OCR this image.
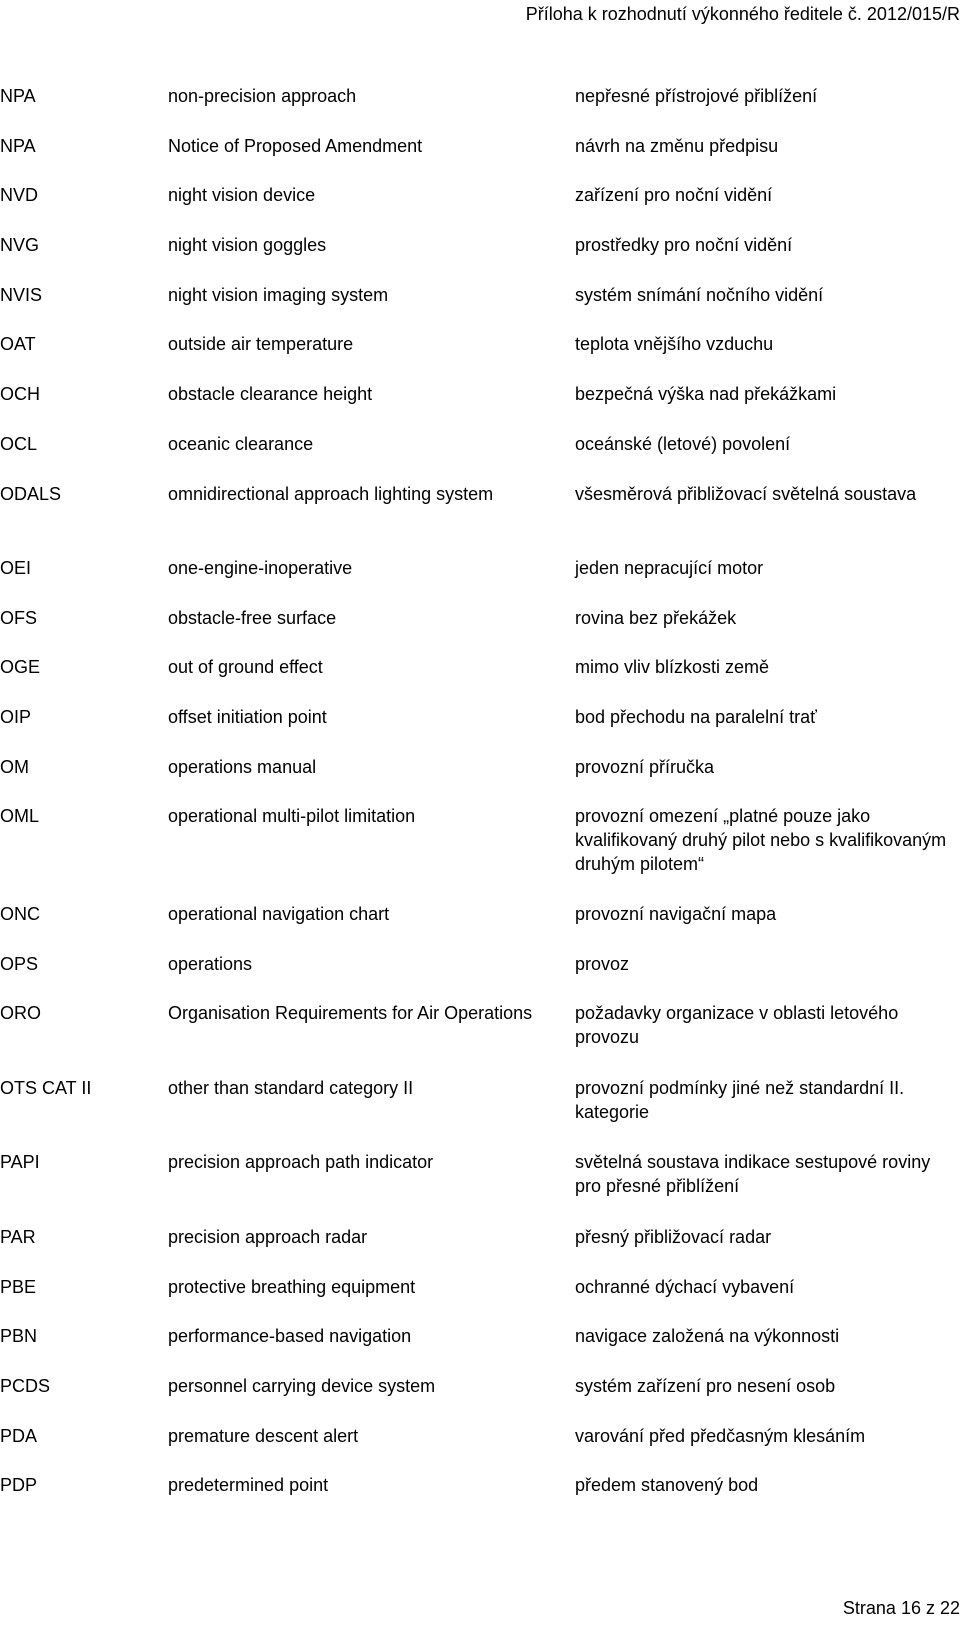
Příloha k rozhodnutí výkonného ředitele č. 2012/015/R
NPA	non-precision approach	nepřesné přístrojové přiblížení
NPA	Notice of Proposed Amendment	návrh na změnu předpisu
NVD	night vision device	zařízení pro noční vidění
NVG	night vision goggles	prostředky pro noční vidění
NVIS	night vision imaging system	systém snímání nočního vidění
OAT	outside air temperature	teplota vnějšího vzduchu
OCH	obstacle clearance height	bezpečná výška nad překážkami
OCL	oceanic clearance	oceánské (letové) povolení
ODALS	omnidirectional approach lighting system	všesměrová přibližovací světelná soustava
OEI	one-engine-inoperative	jeden nepracující motor
OFS	obstacle-free surface	rovina bez překážek
OGE	out of ground effect	mimo vliv blízkosti země
OIP	offset initiation point	bod přechodu na paralelní trať
OM	operations manual	provozní příručka
OML	operational multi-pilot limitation	provozní omezení „platné pouze jako kvalifikovaný druhý pilot nebo s kvalifikovaným druhým pilotem“
ONC	operational navigation chart	provozní navigační mapa
OPS	operations	provoz
ORO	Organisation Requirements for Air Operations	požadavky organizace v oblasti letového provozu
OTS CAT II	other than standard category II	provozní podmínky jiné než standardní II. kategorie
PAPI	precision approach path indicator	světelná soustava indikace sestupové roviny pro přesné přiblížení
PAR	precision approach radar	přesný přibližovací radar
PBE	protective breathing equipment	ochranné dýchací vybavení
PBN	performance-based navigation	navigace založená na výkonnosti
PCDS	personnel carrying device system	systém zařízení pro nesení osob
PDA	premature descent alert	varování před předčasným klesáním
PDP	predetermined point	předem stanovený bod
Strana 16 z 22
